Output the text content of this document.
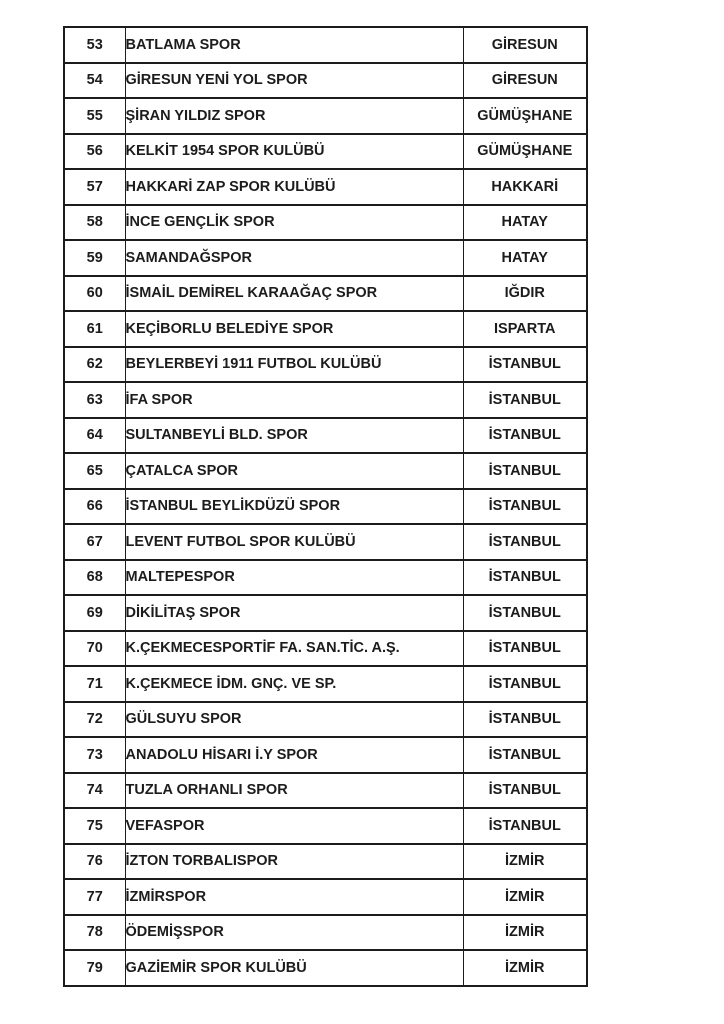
53	BATLAMA SPOR	GİRESUN
54	GİRESUN YENİ YOL SPOR	GİRESUN
55	ŞİRAN YILDIZ SPOR	GÜMÜŞHANE
56	KELKİT 1954 SPOR KULÜBÜ	GÜMÜŞHANE
57	HAKKARİ ZAP SPOR KULÜBÜ	HAKKARİ
58	İNCE GENÇLİK SPOR	HATAY
59	SAMANDAĞSPOR	HATAY
60	İSMAİL DEMİREL KARAAĞAÇ SPOR	IĞDIR
61	KEÇİBORLU BELEDİYE SPOR	ISPARTA
62	BEYLERBEYİ 1911 FUTBOL KULÜBÜ	İSTANBUL
63	İFA SPOR	İSTANBUL
64	SULTANBEYLİ BLD. SPOR	İSTANBUL
65	ÇATALCA SPOR	İSTANBUL
66	İSTANBUL BEYLİKDÜZÜ SPOR	İSTANBUL
67	LEVENT FUTBOL SPOR KULÜBÜ	İSTANBUL
68	MALTEPESPOR	İSTANBUL
69	DİKİLİTAŞ SPOR	İSTANBUL
70	K.ÇEKMECESPORTİF FA. SAN.TİC. A.Ş.	İSTANBUL
71	K.ÇEKMECE İDM. GNÇ. VE SP.	İSTANBUL
72	GÜLSUYU SPOR	İSTANBUL
73	ANADOLU HİSARI İ.Y SPOR	İSTANBUL
74	TUZLA ORHANLI SPOR	İSTANBUL
75	VEFASPOR	İSTANBUL
76	İZTON TORBALISPOR	İZMİR
77	İZMİRSPOR	İZMİR
78	ÖDEMİŞSPOR	İZMİR
79	GAZİEMİR SPOR KULÜBÜ	İZMİR
